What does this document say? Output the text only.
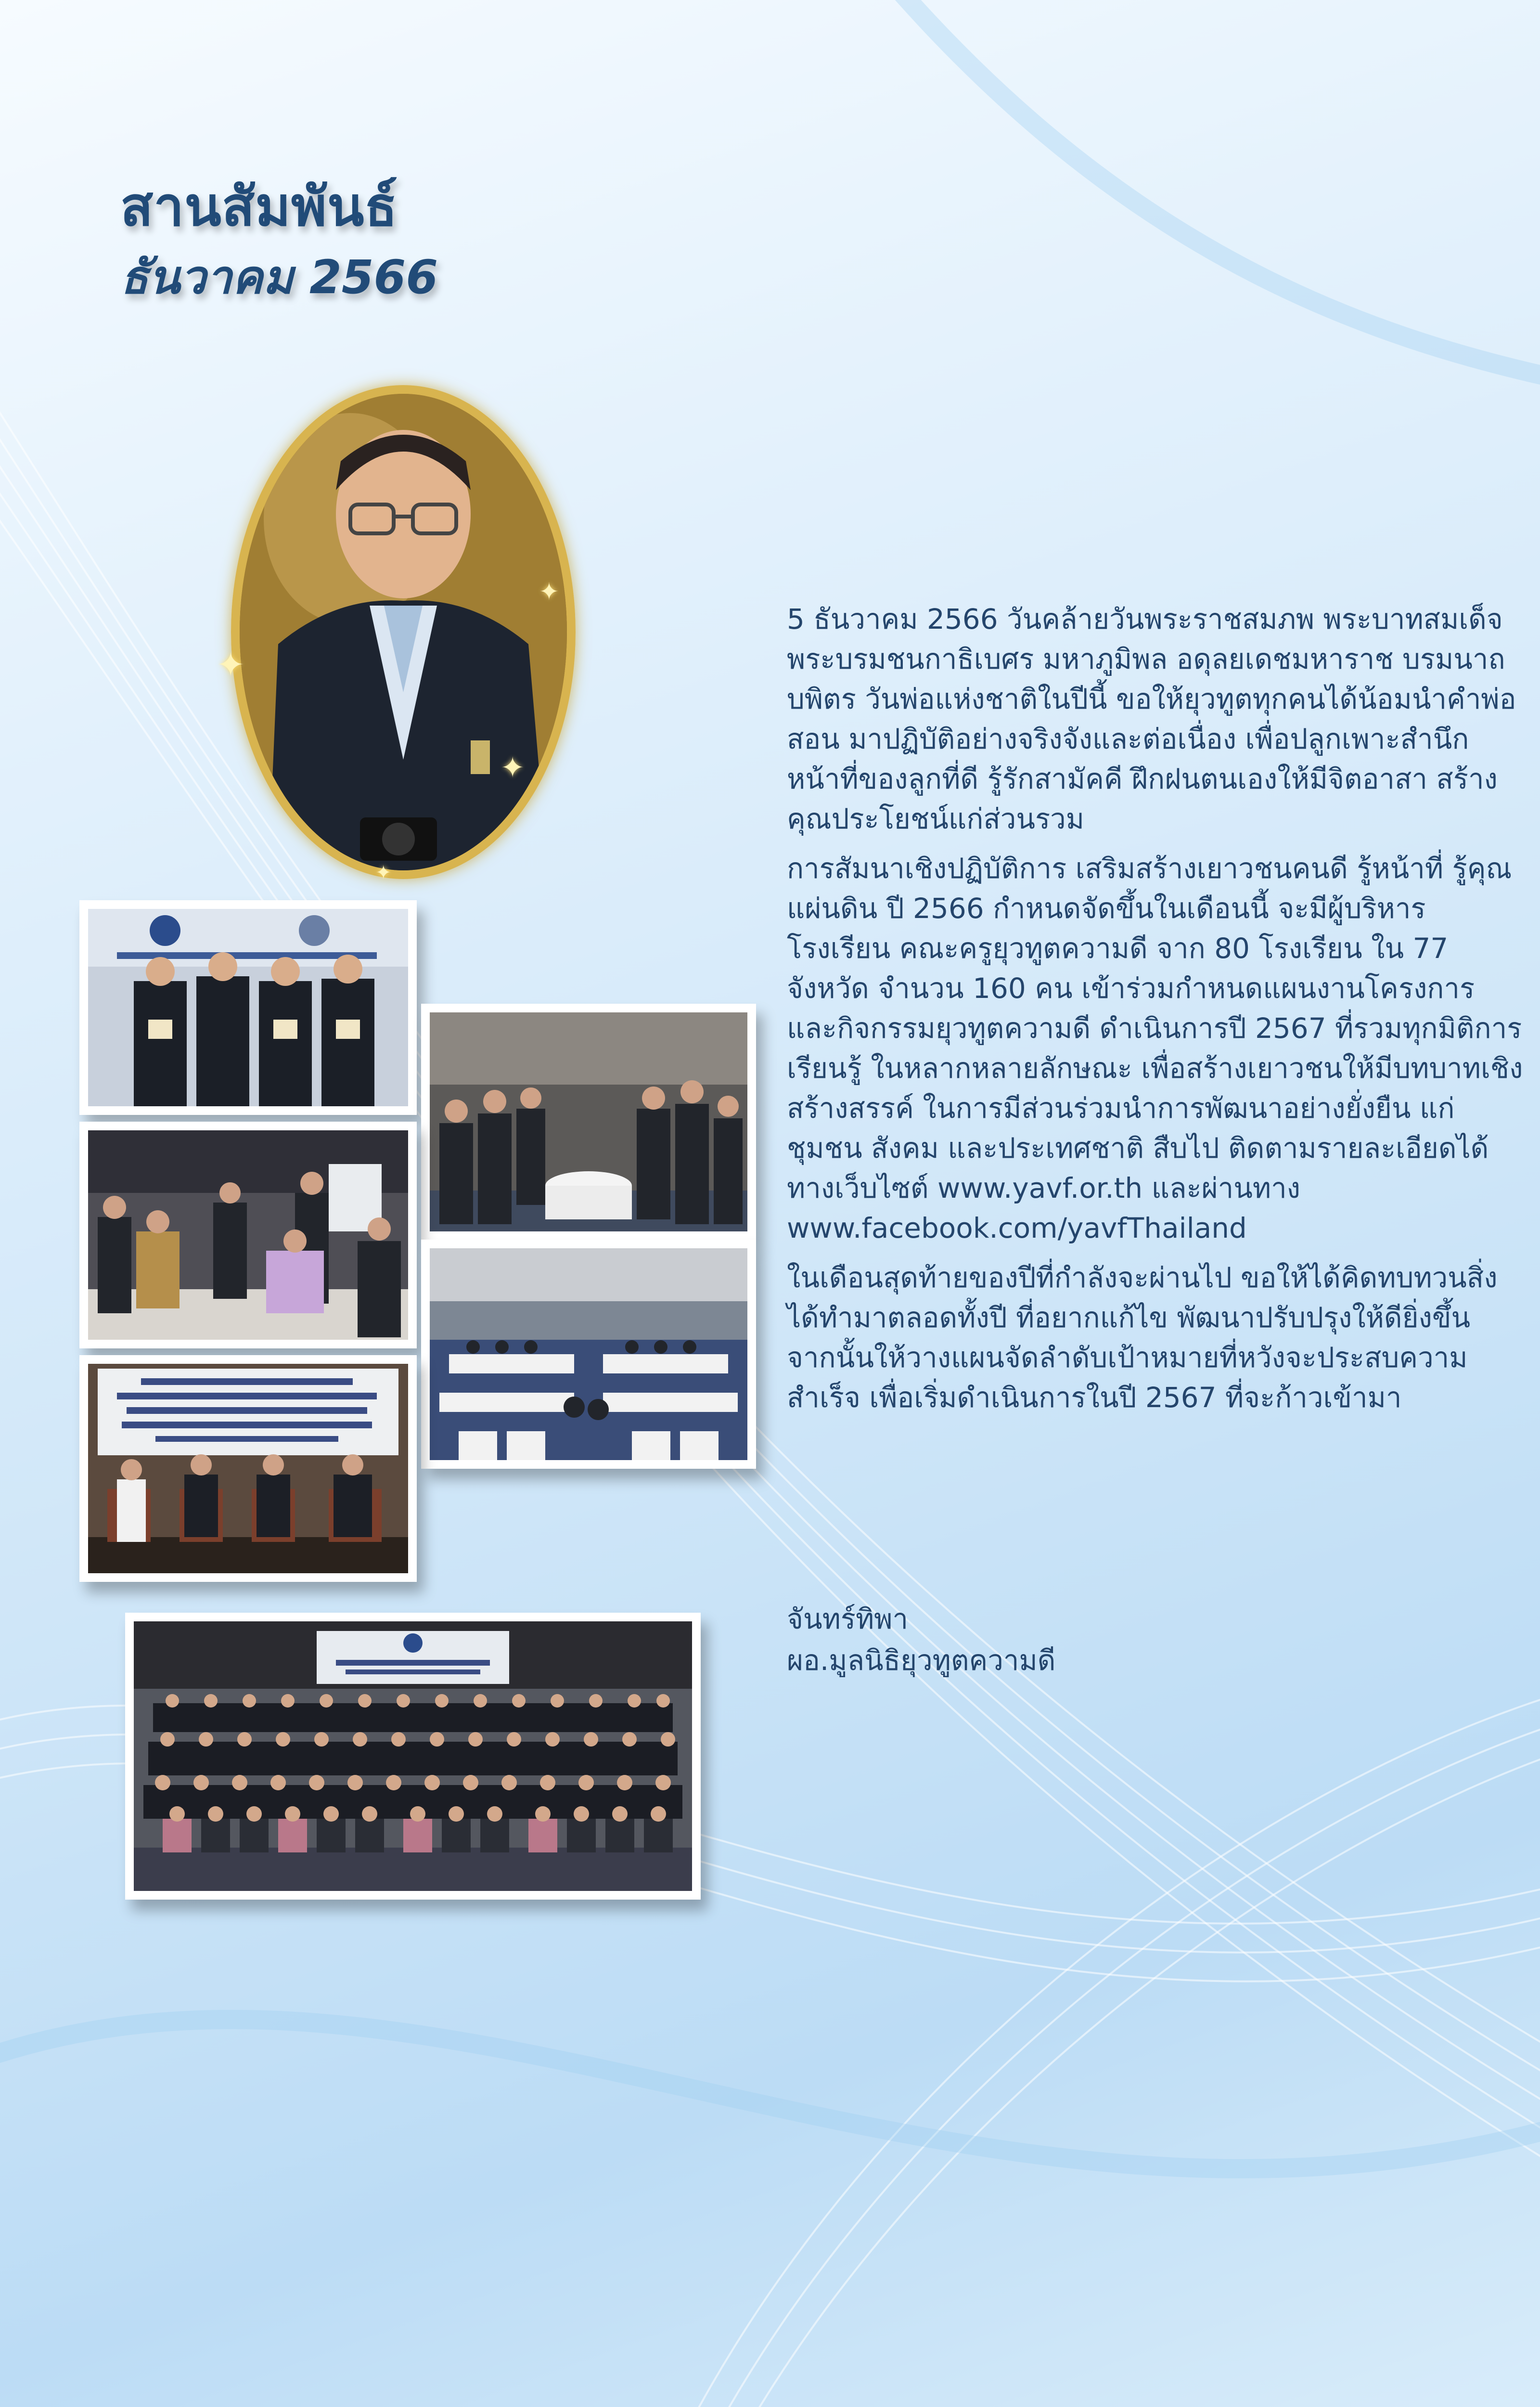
สานสัมพันธ์
ธันวาคม 2566
✦
✦
✦
✦

5 ธันวาคม 2566 วันคล้ายวันพระราชสมภพ พระบาทสมเด็จพระบรมชนกาธิเบศร มหาภูมิพล อดุลยเดชมหาราช บรมนาถบพิตร วันพ่อแห่งชาติในปีนี้ ขอให้ยุวทูตทุกคนได้น้อมนำคำพ่อสอน มาปฏิบัติอย่างจริงจังและต่อเนื่อง เพื่อปลูกเพาะสำนึกหน้าที่ของลูกที่ดี รู้รักสามัคคี ฝึกฝนตนเองให้มีจิตอาสา สร้างคุณประโยชน์แก่ส่วนรวม

การสัมนาเชิงปฏิบัติการ เสริมสร้างเยาวชนคนดี รู้หน้าที่ รู้คุณแผ่นดิน ปี 2566 กำหนดจัดขึ้นในเดือนนี้ จะมีผู้บริหารโรงเรียน คณะครูยุวทูตความดี จาก 80 โรงเรียน ใน 77 จังหวัด จำนวน 160 คน เข้าร่วมกำหนดแผนงานโครงการและกิจกรรมยุวทูตความดี ดำเนินการปี 2567 ที่รวมทุกมิติการเรียนรู้ ในหลากหลายลักษณะ เพื่อสร้างเยาวชนให้มีบทบาทเชิงสร้างสรรค์ ในการมีส่วนร่วมนำการพัฒนาอย่างยั่งยืน แก่ชุมชน สังคม และประเทศชาติ สืบไป ติดตามรายละเอียดได้ทางเว็บไซต์ www.yavf.or.th และผ่านทาง www.facebook.com/yavfThailand

ในเดือนสุดท้ายของปีที่กำลังจะผ่านไป ขอให้ได้คิดทบทวนสิ่งได้ทำมาตลอดทั้งปี ที่อยากแก้ไข พัฒนาปรับปรุงให้ดียิ่งขึ้น จากนั้นให้วางแผนจัดลำดับเป้าหมายที่หวังจะประสบความสำเร็จ เพื่อเริ่มดำเนินการในปี 2567 ที่จะก้าวเข้ามา

จันทร์ทิพา
ผอ.มูลนิธิยุวทูตความดี
